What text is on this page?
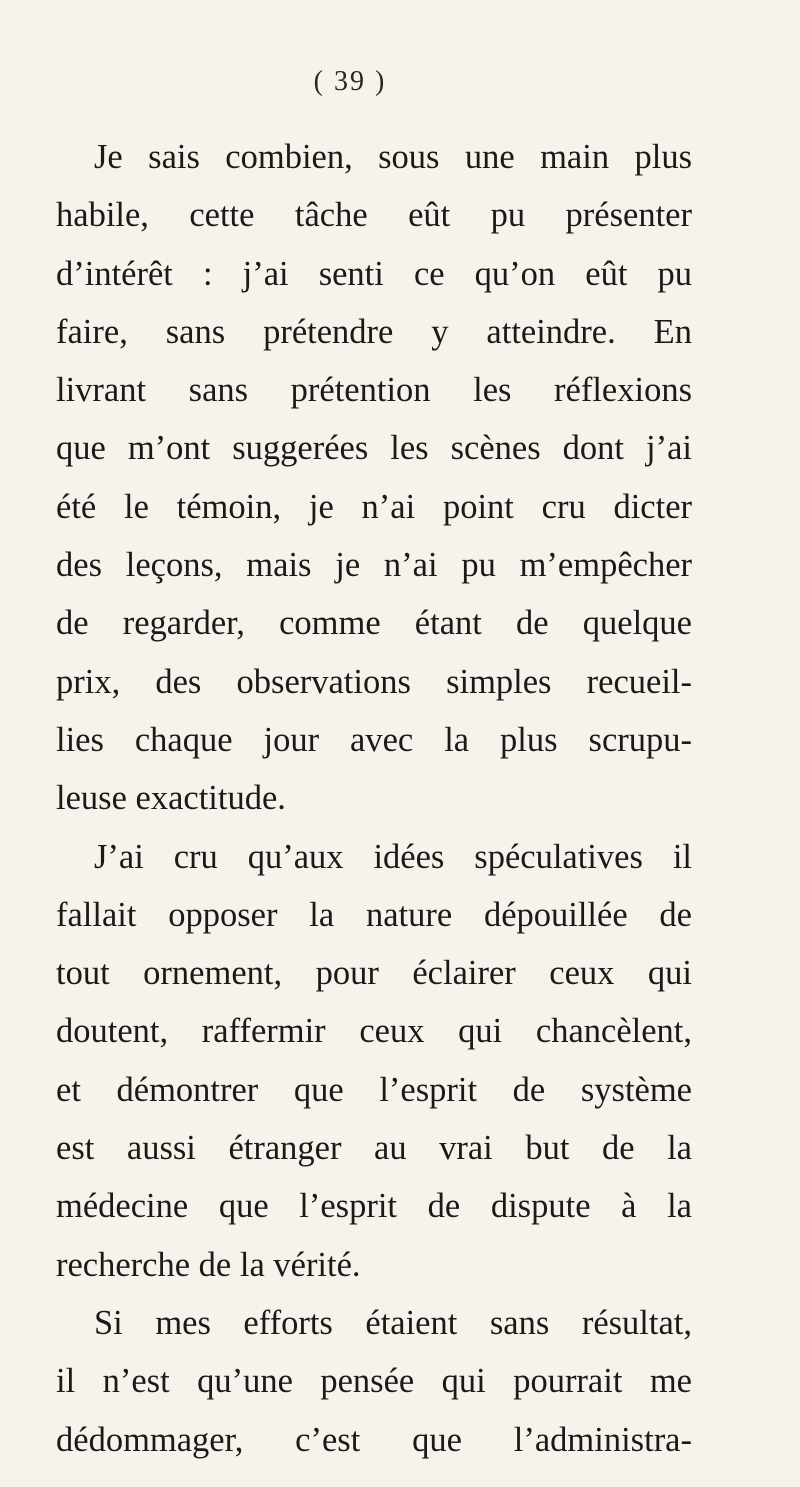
( 39 )
Je sais combien, sous une main plus
habile, cette tâche eût pu présenter
d’intérêt : j’ai senti ce qu’on eût pu
faire, sans prétendre y atteindre. En
livrant sans prétention les réflexions
que m’ont suggerées les scènes dont j’ai
été le témoin, je n’ai point cru dicter
des leçons, mais je n’ai pu m’empêcher
de regarder, comme étant de quelque
prix, des observations simples recueil-
lies chaque jour avec la plus scrupu-
leuse exactitude.
J’ai cru qu’aux idées spéculatives il
fallait opposer la nature dépouillée de
tout ornement, pour éclairer ceux qui
doutent, raffermir ceux qui chancèlent,
et démontrer que l’esprit de système
est aussi étranger au vrai but de la
médecine que l’esprit de dispute à la
recherche de la vérité.
Si mes efforts étaient sans résultat,
il n’est qu’une pensée qui pourrait me
dédommager, c’est que l’administra-
